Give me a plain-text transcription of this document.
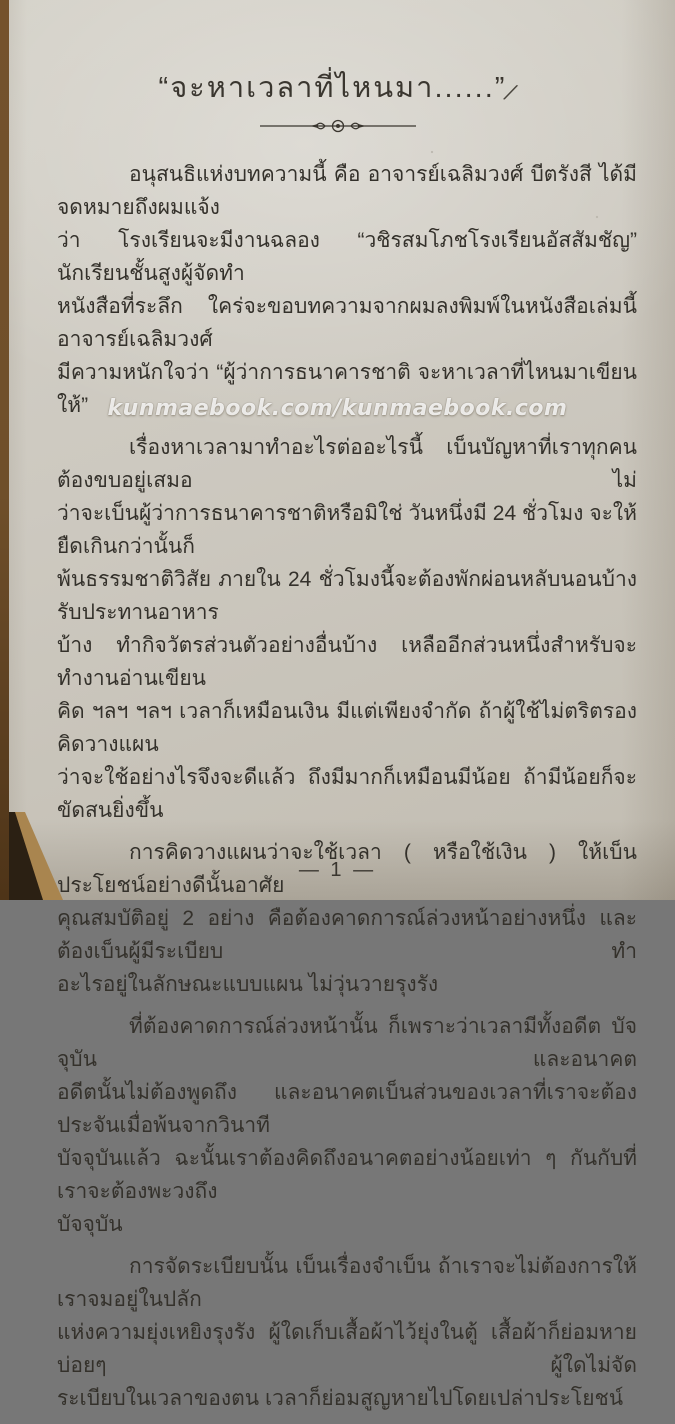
“จะหาเวลาที่ไหนมา......”∕
อนุสนธิแห่งบทความนี้ คือ อาจารย์เฉลิมวงศ์ บีตรังสี ได้มีจดหมายถึงผมแจ้ง
ว่า โรงเรียนจะมีงานฉลอง “วชิรสมโภชโรงเรียนอัสสัมชัญ” นักเรียนชั้นสูงผู้จัดทำ
หนังสือที่ระลึก ใคร่จะขอบทความจากผมลงพิมพ์ในหนังสือเล่มนี้ อาจารย์เฉลิมวงศ์
มีความหนักใจว่า “ผู้ว่าการธนาคารชาติ จะหาเวลาที่ไหนมาเขียนให้”
เรื่องหาเวลามาทำอะไรต่ออะไรนี้ เบ็นบัญหาที่เราทุกคนต้องขบอยู่เสมอ ไม่
ว่าจะเบ็นผู้ว่าการธนาคารชาติหรือมิใช่ วันหนึ่งมี 24 ชั่วโมง จะให้ยืดเกินกว่านั้นก็
พ้นธรรมชาติวิสัย ภายใน 24 ชั่วโมงนี้จะต้องพักผ่อนหลับนอนบ้าง รับประทานอาหาร
บ้าง ทำกิจวัตรส่วนตัวอย่างอื่นบ้าง เหลืออีกส่วนหนึ่งสำหรับจะทำงานอ่านเขียน
คิด ฯลฯ ฯลฯ เวลาก็เหมือนเงิน มีแต่เพียงจำกัด ถ้าผู้ใช้ไม่ตริตรองคิดวางแผน
ว่าจะใช้อย่างไรจึงจะดีแล้ว ถึงมีมากก็เหมือนมีน้อย ถ้ามีน้อยก็จะขัดสนยิ่งขึ้น
การคิดวางแผนว่าจะใช้เวลา ( หรือใช้เงิน ) ให้เบ็นประโยชน์อย่างดีนั้นอาศัย
คุณสมบัติอยู่ 2 อย่าง คือต้องคาดการณ์ล่วงหน้าอย่างหนึ่ง และต้องเบ็นผู้มีระเบียบ ทำ
อะไรอยู่ในลักษณะแบบแผน ไม่วุ่นวายรุงรัง
ที่ต้องคาดการณ์ล่วงหน้านั้น ก็เพราะว่าเวลามีทั้งอดีต บัจจุบัน และอนาคต
อดีตนั้นไม่ต้องพูดถึง และอนาคตเบ็นส่วนของเวลาที่เราจะต้องประจันเมื่อพ้นจากวินาที
บัจจุบันแล้ว ฉะนั้นเราต้องคิดถึงอนาคตอย่างน้อยเท่า ๆ กันกับที่เราจะต้องพะวงถึง
บัจจุบัน
การจัดระเบียบนั้น เบ็นเรื่องจำเบ็น ถ้าเราจะไม่ต้องการให้เราจมอยู่ในปลัก
แห่งความยุ่งเหยิงรุงรัง ผู้ใดเก็บเสื้อผ้าไว้ยุ่งในตู้ เสื้อผ้าก็ย่อมหายบ่อยๆ ผู้ใดไม่จัด
ระเบียบในเวลาของตน เวลาก็ย่อมสูญหายไปโดยเปล่าประโยชน์
kunmaebook.com/kunmaebook.com
— 1 —
